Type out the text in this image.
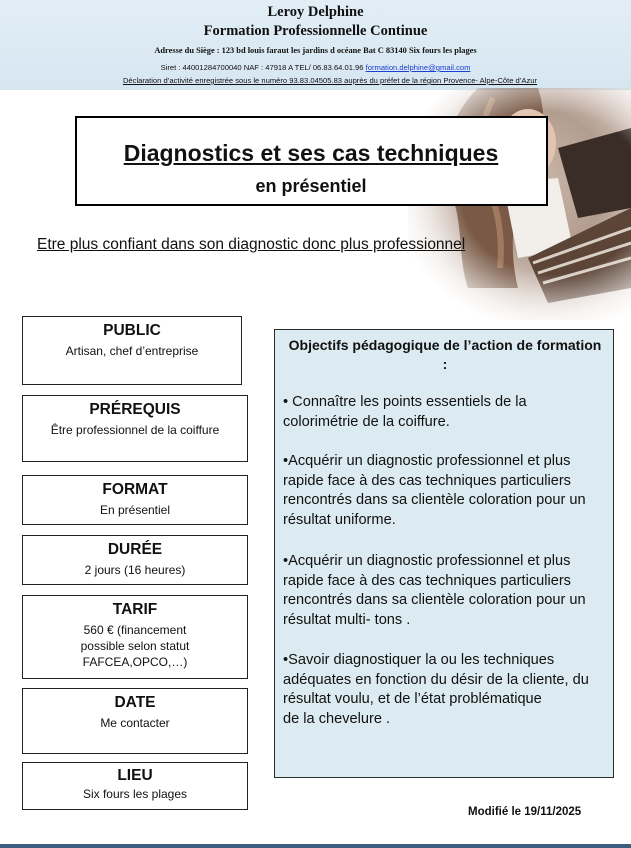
Leroy Delphine
Formation Professionnelle Continue
Adresse du Siège : 123 bd louis faraut les jardins d océane Bat C 83140 Six fours les plages
Siret : 44001284700040 NAF : 47918 A TEL/ 06.83.64.01.96 formation.delphine@gmail.com
Déclaration d’activité enregistrée sous le numéro 93.83.04505.83 auprès du préfet de la région Provence- Alpe-Côte d’Azur
Diagnostics et ses cas techniques
en présentiel
Etre plus confiant dans son diagnostic donc plus professionnel
PUBLIC
Artisan, chef d’entreprise
PRÉREQUIS
Être professionnel de la coiffure
FORMAT
En présentiel
DURÉE
2 jours (16 heures)
TARIF
560 € (financement possible selon statut FAFCEA,OPCO,…)
DATE
Me contacter
LIEU
Six fours les plages
Objectifs pédagogique de l’action de formation :
• Connaître les points essentiels de la
colorimétrie de la coiffure.
•Acquérir un diagnostic professionnel et plus
rapide face à des cas techniques particuliers
rencontrés dans sa clientèle coloration pour un
résultat uniforme.
•Acquérir un diagnostic professionnel et plus
rapide face à des cas techniques particuliers
rencontrés dans sa clientèle coloration pour un
résultat multi- tons .
•Savoir diagnostiquer la ou les techniques
adéquates en fonction du désir de la cliente, du
résultat voulu, et de l’état problématique
de la chevelure .
Modifié le 19/11/2025
